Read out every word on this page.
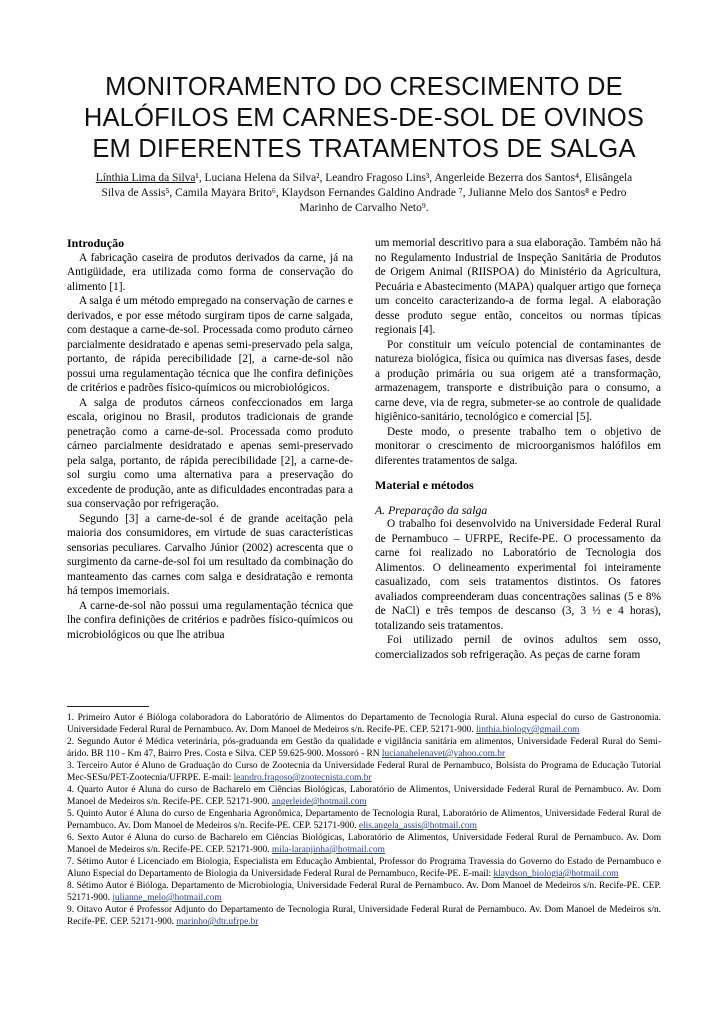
MONITORAMENTO DO CRESCIMENTO DE
HALÓFILOS EM CARNES-DE-SOL DE OVINOS
EM DIFERENTES TRATAMENTOS DE SALGA
Línthia Lima da Silva¹, Luciana Helena da Silva², Leandro Fragoso Lins³, Angerleide Bezerra dos Santos⁴, Elisângela
Silva de Assis⁵, Camila Mayara Brito⁶, Klaydson Fernandes Galdino Andrade ⁷, Julianne Melo dos Santos⁸ e Pedro
Marinho de Carvalho Neto⁹.

Introdução

A fabricação caseira de produtos derivados da carne, já na Antigüidade, era utilizada como forma de conservação do alimento [1].

A salga é um método empregado na conservação de carnes e derivados, e por esse método surgiram tipos de carne salgada, com destaque a carne-de-sol. Processada como produto cárneo parcialmente desidratado e apenas semi-preservado pela salga, portanto, de rápida perecibilidade [2], a carne-de-sol não possui uma regulamentação técnica que lhe confira definições de critérios e padrões físico-químicos ou microbiológicos.

A salga de produtos cárneos confeccionados em larga escala, originou no Brasil, produtos tradicionais de grande penetração como a carne-de-sol. Processada como produto cárneo parcialmente desidratado e apenas semi-preservado pela salga, portanto, de rápida perecibilidade [2], a carne-de-sol surgiu como uma alternativa para a preservação do excedente de produção, ante as dificuldades encontradas para a sua conservação por refrigeração.

Segundo [3] a carne-de-sol é de grande aceitação pela maioria dos consumidores, em virtude de suas características sensorias peculiares. Carvalho Júnior (2002) acrescenta que o surgimento da carne-de-sol foi um resultado da combinação do manteamento das carnes com salga e desidratação e remonta há tempos imemoriais.

A carne-de-sol não possui uma regulamentação técnica que lhe confira definições de critérios e padrões físico-químicos ou microbiológicos ou que lhe atribua

um memorial descritivo para a sua elaboração. Também não há no Regulamento Industrial de Inspeção Sanitária de Produtos de Origem Animal (RIISPOA) do Ministério da Agricultura, Pecuária e Abastecimento (MAPA) qualquer artigo que forneça um conceito caracterizando-a de forma legal. A elaboração desse produto segue então, conceitos ou normas típicas regionais [4].

Por constituir um veículo potencial de contaminantes de natureza biológica, física ou química nas diversas fases, desde a produção primária ou sua origem até a transformação, armazenagem, transporte e distribuição para o consumo, a carne deve, via de regra, submeter-se ao controle de qualidade higiênico-sanitário, tecnológico e comercial [5].

Deste modo, o presente trabalho tem o objetivo de monitorar o crescimento de microorganismos halófilos em diferentes tratamentos de salga.

Material e métodos

A. Preparação da salga

O trabalho foi desenvolvido na Universidade Federal Rural de Pernambuco – UFRPE, Recife-PE. O processamento da carne foi realizado no Laboratório de Tecnologia dos Alimentos. O delineamento experimental foi inteiramente casualizado, com seis tratamentos distintos. Os fatores avaliados compreenderam duas concentrações salinas (5 e 8% de NaCl) e três tempos de descanso (3, 3 ½ e 4 horas), totalizando seis tratamentos.

Foi utilizado pernil de ovinos adultos sem osso, comercializados sob refrigeração. As peças de carne foram

1. Primeiro Autor é Bióloga colaboradora do Laboratório de Alimentos do Departamento de Tecnologia Rural. Aluna especial do curso de Gastronomia. Universidade Federal Rural de Pernambuco. Av. Dom Manoel de Medeiros s/n. Recife-PE. CEP. 52171-900. linthia.biology@gmail.com

2. Segundo Autor é Médica veterinária, pós-graduanda em Gestão da qualidade e vigilância sanitária em alimentos, Universidade Federal Rural do Semi-árido. BR 110 - Km 47, Bairro Pres. Costa e Silva. CEP 59.625-900. Mossoró - RN lucianahelenavet@yahoo.com.br

3. Terceiro Autor é Aluno de Graduação do Curso de Zootecnia da Universidade Federal Rural de Pernambuco, Bolsista do Programa de Educação Tutorial Mec-SESu/PET-Zootecnia/UFRPE. E-mail: leandro.fragoso@zootecnista.com.br

4. Quarto Autor é Aluna do curso de Bacharelo em Ciências Biológicas, Laboratório de Alimentos, Universidade Federal Rural de Pernambuco. Av. Dom Manoel de Medeiros s/n. Recife-PE. CEP. 52171-900. angerleide@hotmail.com

5. Quinto Autor é Aluna do curso de Engenharia Agronômica, Departamento de Tecnologia Rural, Laboratório de Alimentos, Universidade Federal Rural de Pernambuco. Av. Dom Manoel de Medeiros s/n. Recife-PE. CEP. 52171-900. elis.angela_assis@hotmail.com

6. Sexto Autor é Aluna do curso de Bacharelo em Ciências Biológicas, Laboratório de Alimentos, Universidade Federal Rural de Pernambuco. Av. Dom Manoel de Medeiros s/n. Recife-PE. CEP. 52171-900. mila-laranjinha@hotmail.com

7. Sétimo Autor é Licenciado em Biologia, Especialista em Educação Ambiental, Professor do Programa Travessia do Governo do Estado de Pernambuco e Aluno Especial do Departamento de Biologia da Universidade Federal Rural de Pernambuco, Recife-PE. E-mail: klaydson_biologia@hotmail.com

8. Sétimo Autor é Bióloga. Departamento de Microbiologia, Universidade Federal Rural de Pernambuco. Av. Dom Manoel de Medeiros s/n. Recife-PE. CEP. 52171-900. julianne_melo@hotmail.com

9. Oitavo Autor é Professor Adjunto do Departamento de Tecnologia Rural, Universidade Federal Rural de Pernambuco. Av. Dom Manoel de Medeiros s/n. Recife-PE. CEP. 52171-900. marinho@dtr.ufrpe.br
